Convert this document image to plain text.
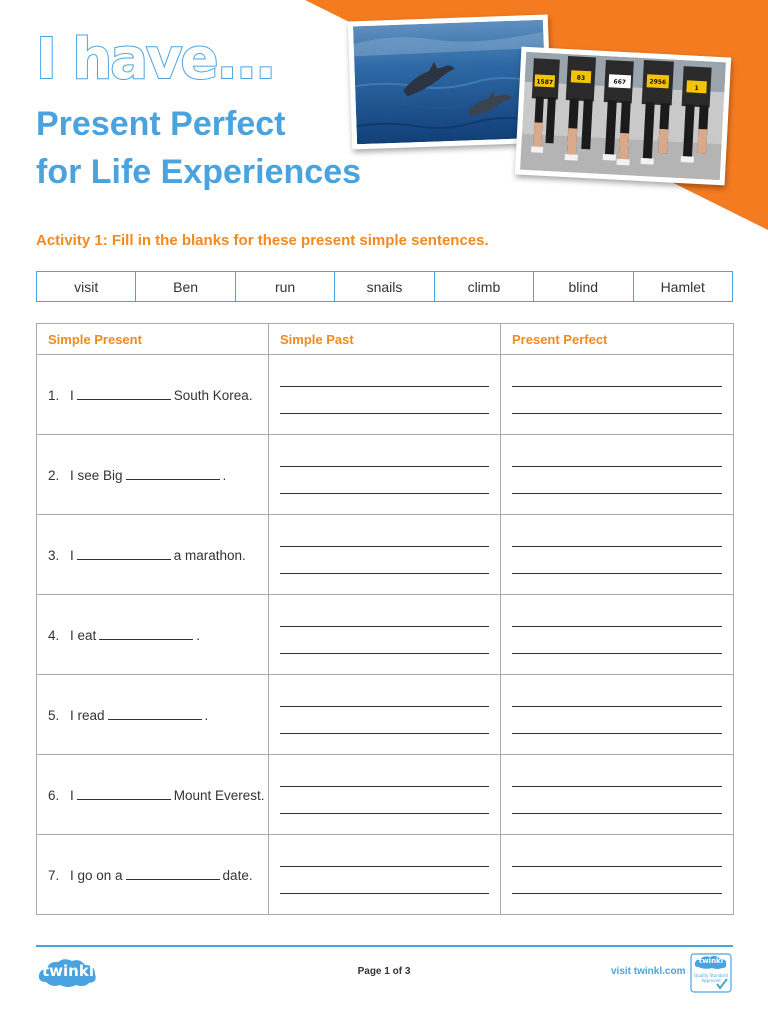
I have...
Present Perfect
for Life Experiences
1587
83
667	2956
1

Activity 1: Fill in the blanks for these present simple sentences.

visit	Ben	run	snails	climb	blind	Hamlet
Simple Present	Simple Past	Present Perfect
1. I South Korea.	

2. I see Big .	

3. I a marathon.	

4. I eat .	

5. I read .	

6. I Mount Everest.	

7. I go on a date.	

twinkl	Page 1 of 3	visit twinkl.com
twinkl
Quality Standard Approved
